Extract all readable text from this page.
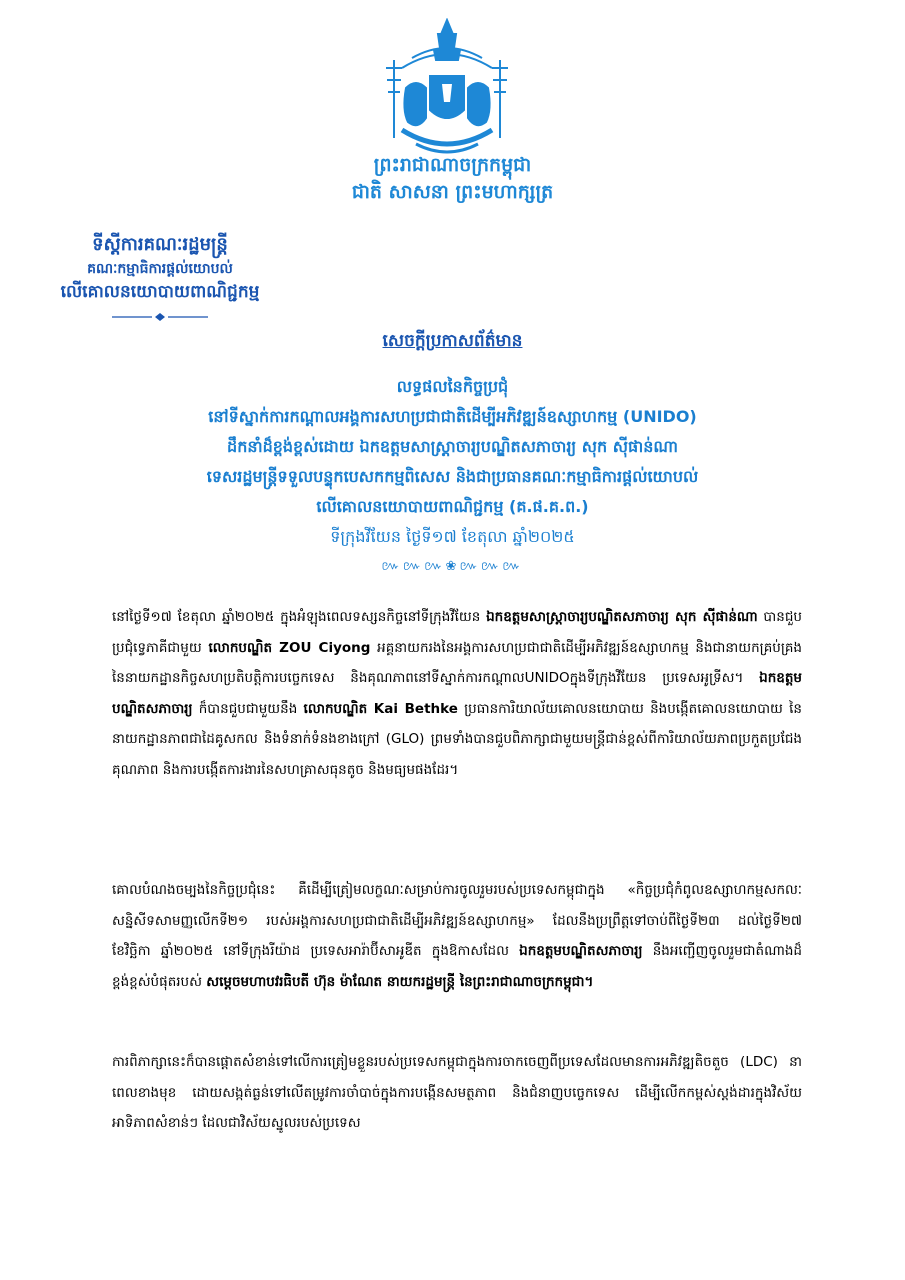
ព្រះរាជាណាចក្រកម្ពុជា
ជាតិ សាសនា ព្រះមហាក្សត្រ
ទីស្តីការគណៈរដ្ឋមន្ត្រី
គណៈកម្មាធិការផ្តល់យោបល់
លើគោលនយោបាយពាណិជ្ជកម្ម
សេចក្តីប្រកាសព័ត៌មាន
លទ្ធផលនៃកិច្ចប្រជុំ
នៅទីស្នាក់ការកណ្តាលអង្គការសហប្រជាជាតិដើម្បីអភិវឌ្ឍន៍ឧស្សាហកម្ម (UNIDO)
ដឹកនាំដ៏ខ្ពង់ខ្ពស់ដោយ ឯកឧត្តមសាស្ត្រាចារ្យបណ្ឌិតសភាចារ្យ សុក ស៊ីផាន់ណា
ទេសរដ្ឋមន្ត្រីទទួលបន្ទុកបេសកកម្មពិសេស និងជាប្រធានគណៈកម្មាធិការផ្តល់យោបល់
លើគោលនយោបាយពាណិជ្ជកម្ម (គ.ផ.គ.ព.)
ទីក្រុងវីយែន ថ្ងៃទី១៧ ខែតុលា ឆ្នាំ២០២៥
៚៚៚❀៚៚៚
នៅថ្ងៃទី១៧ ខែតុលា ឆ្នាំ២០២៥ ក្នុងអំឡុងពេលទស្សនកិច្ចនៅទីក្រុងវីយែន ឯកឧត្តមសាស្ត្រាចារ្យបណ្ឌិតសភាចារ្យ សុក ស៊ីផាន់ណា បានជួបប្រជុំទ្វេភាគីជាមួយ លោកបណ្ឌិត ZOU Ciyong អគ្គនាយករងនៃអង្គការសហប្រជាជាតិដើម្បីអភិវឌ្ឍន៍ឧស្សាហកម្ម និងជានាយកគ្រប់គ្រង នៃនាយកដ្ឋានកិច្ចសហប្រតិបត្តិការបច្ចេកទេស និងគុណភាពនៅទីស្នាក់ការកណ្តាលUNIDOក្នុងទីក្រុងវីយែន ប្រទេសអូទ្រីស។ ឯកឧត្តមបណ្ឌិតសភាចារ្យ ក៏បានជួបជាមួយនឹង លោកបណ្ឌិត Kai Bethke ប្រធានការិយាល័យគោលនយោបាយ និងបង្កើតគោលនយោបាយ នៃនាយកដ្ឋានភាពជាដៃគូសកល និងទំនាក់ទំនងខាងក្រៅ (GLO) ព្រមទាំងបានជួបពិភាក្សាជាមួយមន្ត្រីជាន់ខ្ពស់ពីការិយាល័យភាពប្រកួតប្រជែង គុណភាព និងការបង្កើតការងារនៃសហគ្រាសធុនតូច និងមធ្យមផងដែរ។
គោលបំណងចម្បងនៃកិច្ចប្រជុំនេះ គឺដើម្បីត្រៀមលក្ខណៈសម្រាប់ការចូលរួមរបស់ប្រទេសកម្ពុជាក្នុង «កិច្ចប្រជុំកំពូលឧស្សាហកម្មសកលៈ សន្និសីទសាមញ្ញលើកទី២១ របស់អង្គការសហប្រជាជាតិដើម្បីអភិវឌ្ឍន៍ឧស្សាហកម្ម» ដែលនឹងប្រព្រឹត្តទៅចាប់ពីថ្ងៃទី២៣ ដល់ថ្ងៃទី២៧ ខែវិច្ឆិកា ឆ្នាំ២០២៥ នៅទីក្រុងរីយ៉ាដ ប្រទេសអារ៉ាប៊ីសាអូឌីត ក្នុងឱកាសដែល ឯកឧត្តមបណ្ឌិតសភាចារ្យ នឹងអញ្ជើញចូលរួមជាតំណាងដ៏ខ្ពង់ខ្ពស់បំផុតរបស់ សម្តេចមហាបវរធិបតី ហ៊ុន ម៉ាណែត នាយករដ្ឋមន្ត្រី នៃព្រះរាជាណាចក្រកម្ពុជា។
ការពិភាក្សានេះក៏បានផ្តោតសំខាន់ទៅលើការត្រៀមខ្លួនរបស់ប្រទេសកម្ពុជាក្នុងការចាកចេញពីប្រទេសដែលមានការអភិវឌ្ឍតិចតួច (LDC) នាពេលខាងមុខ ដោយសង្កត់ធ្ងន់ទៅលើតម្រូវការចាំបាច់ក្នុងការបង្កើនសមត្ថភាព និងជំនាញបច្ចេកទេស ដើម្បីលើកកម្ពស់ស្តង់ដារក្នុងវិស័យអាទិភាពសំខាន់ៗ ដែលជាវិស័យស្នូលរបស់ប្រទេស
